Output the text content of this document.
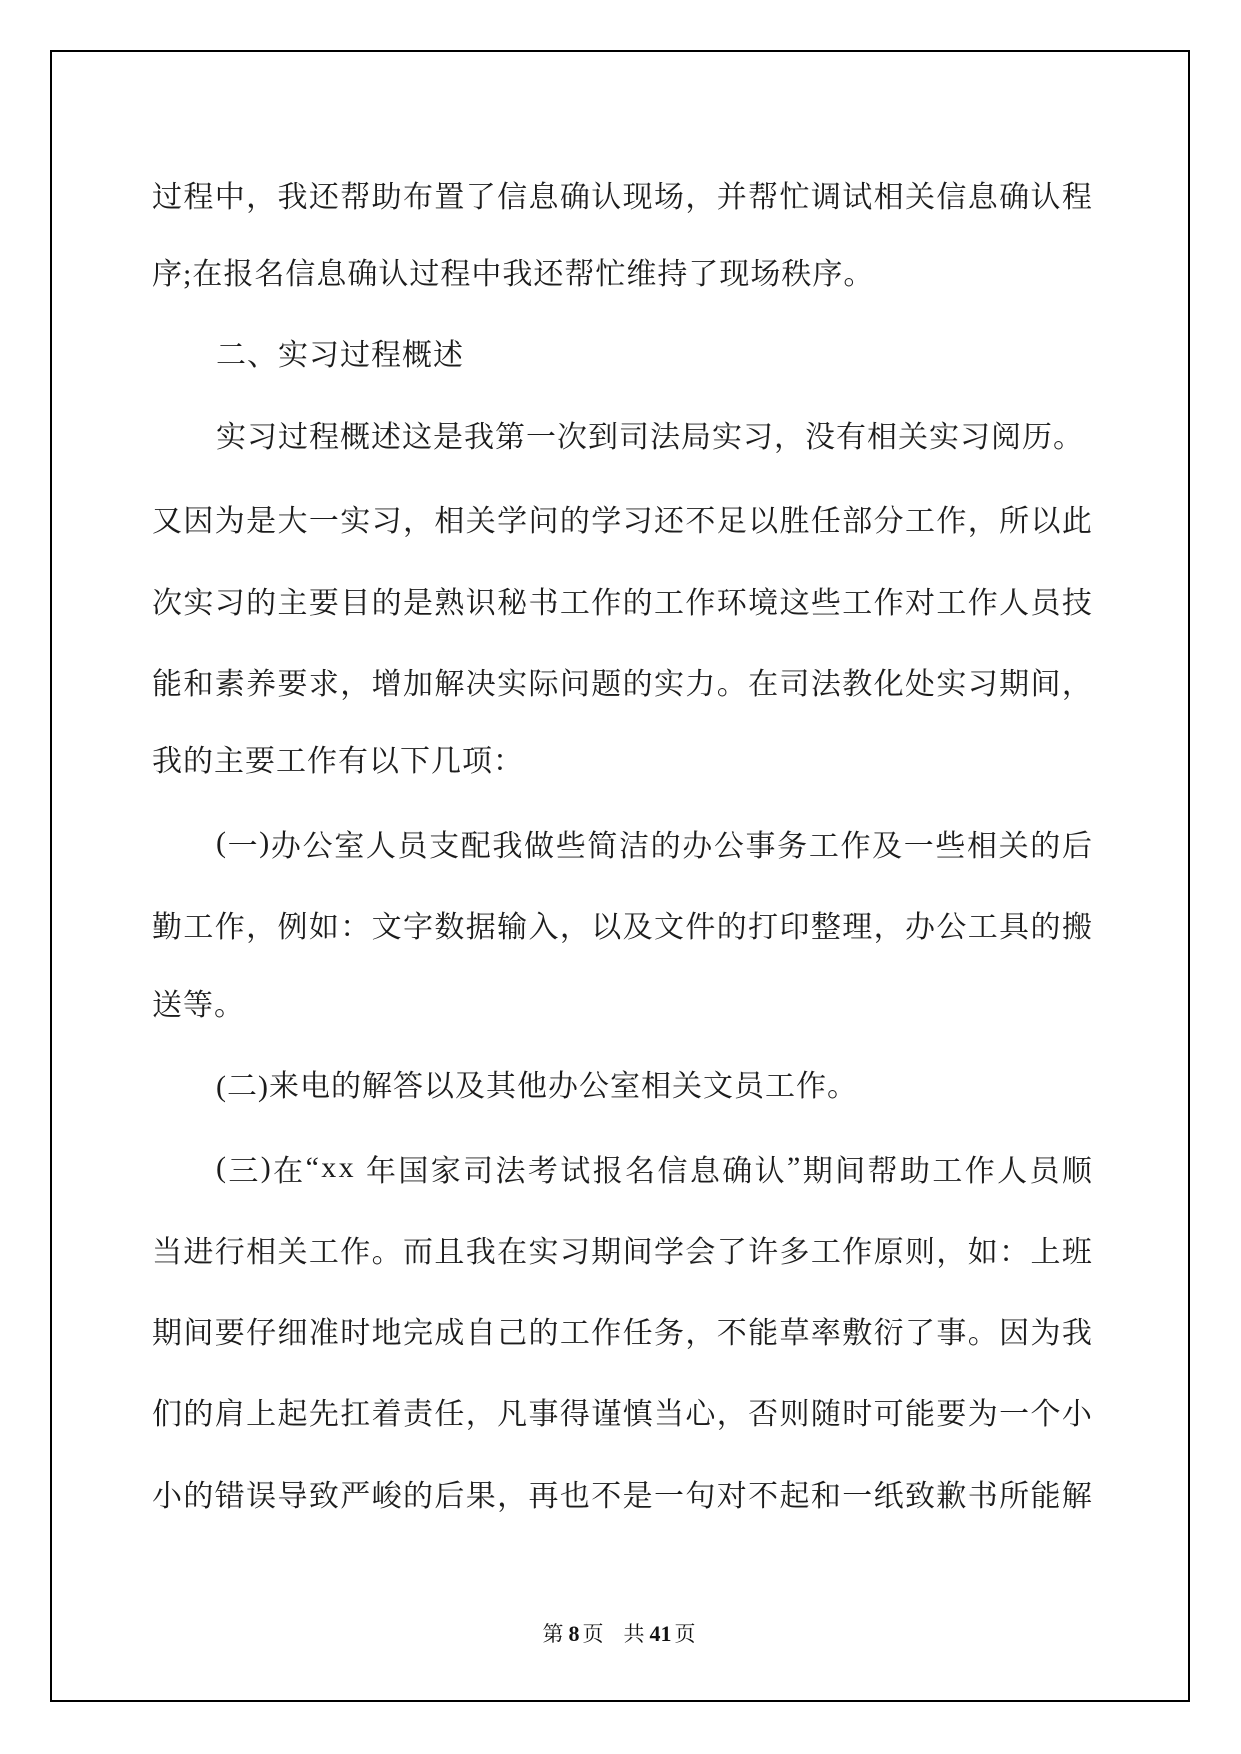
过 程 中 ， 我 还 帮 助 布 置 了 信 息 确 认 现 场 ， 并 帮 忙 调 试 相 关 信 息 确 认 程
序;在报名信息确认过程中我还帮忙维持了现场秩序。
二、实习过程概述
实习过程概述这是我第一次到司法局实习，没有相关实习阅历。
又 因 为 是 大 一 实 习 ， 相 关 学 问 的 学 习 还 不 足 以 胜 任 部 分 工 作 ， 所 以 此
次 实 习 的 主 要 目 的 是 熟 识 秘 书 工 作 的 工 作 环 境 这 些 工 作 对 工 作 人 员 技
能 和 素 养 要 求 ， 增 加 解 决 实 际 问 题 的 实 力 。 在 司 法 教 化 处 实 习 期 间 ，
我的主要工作有以下几项：
( 一 ) 办 公 室 人 员 支 配 我 做 些 简 洁 的 办 公 事 务 工 作 及 一 些 相 关 的 后
勤 工 作 ， 例 如 ： 文 字 数 据 输 入 ， 以 及 文 件 的 打 印 整 理 ， 办 公 工 具 的 搬
送等。
(二)来电的解答以及其他办公室相关文员工作。
( 三 ) 在 “ x x
年 国 家 司 法 考 试 报 名 信 息 确 认 ” 期 间 帮 助 工 作 人 员 顺
当 进 行 相 关 工 作 。 而 且 我 在 实 习 期 间 学 会 了 许 多 工 作 原 则 ， 如 ： 上 班
期 间 要 仔 细 准 时 地 完 成 自 己 的 工 作 任 务 ， 不 能 草 率 敷 衍 了 事 。 因 为 我
们 的 肩 上 起 先 扛 着 责 任 ， 凡 事 得 谨 慎 当 心 ， 否 则 随 时 可 能 要 为 一 个 小
小 的 错 误 导 致 严 峻 的 后 果 ， 再 也 不 是 一 句 对 不 起 和 一 纸 致 歉 书 所 能 解
第 8 页 共 41 页
